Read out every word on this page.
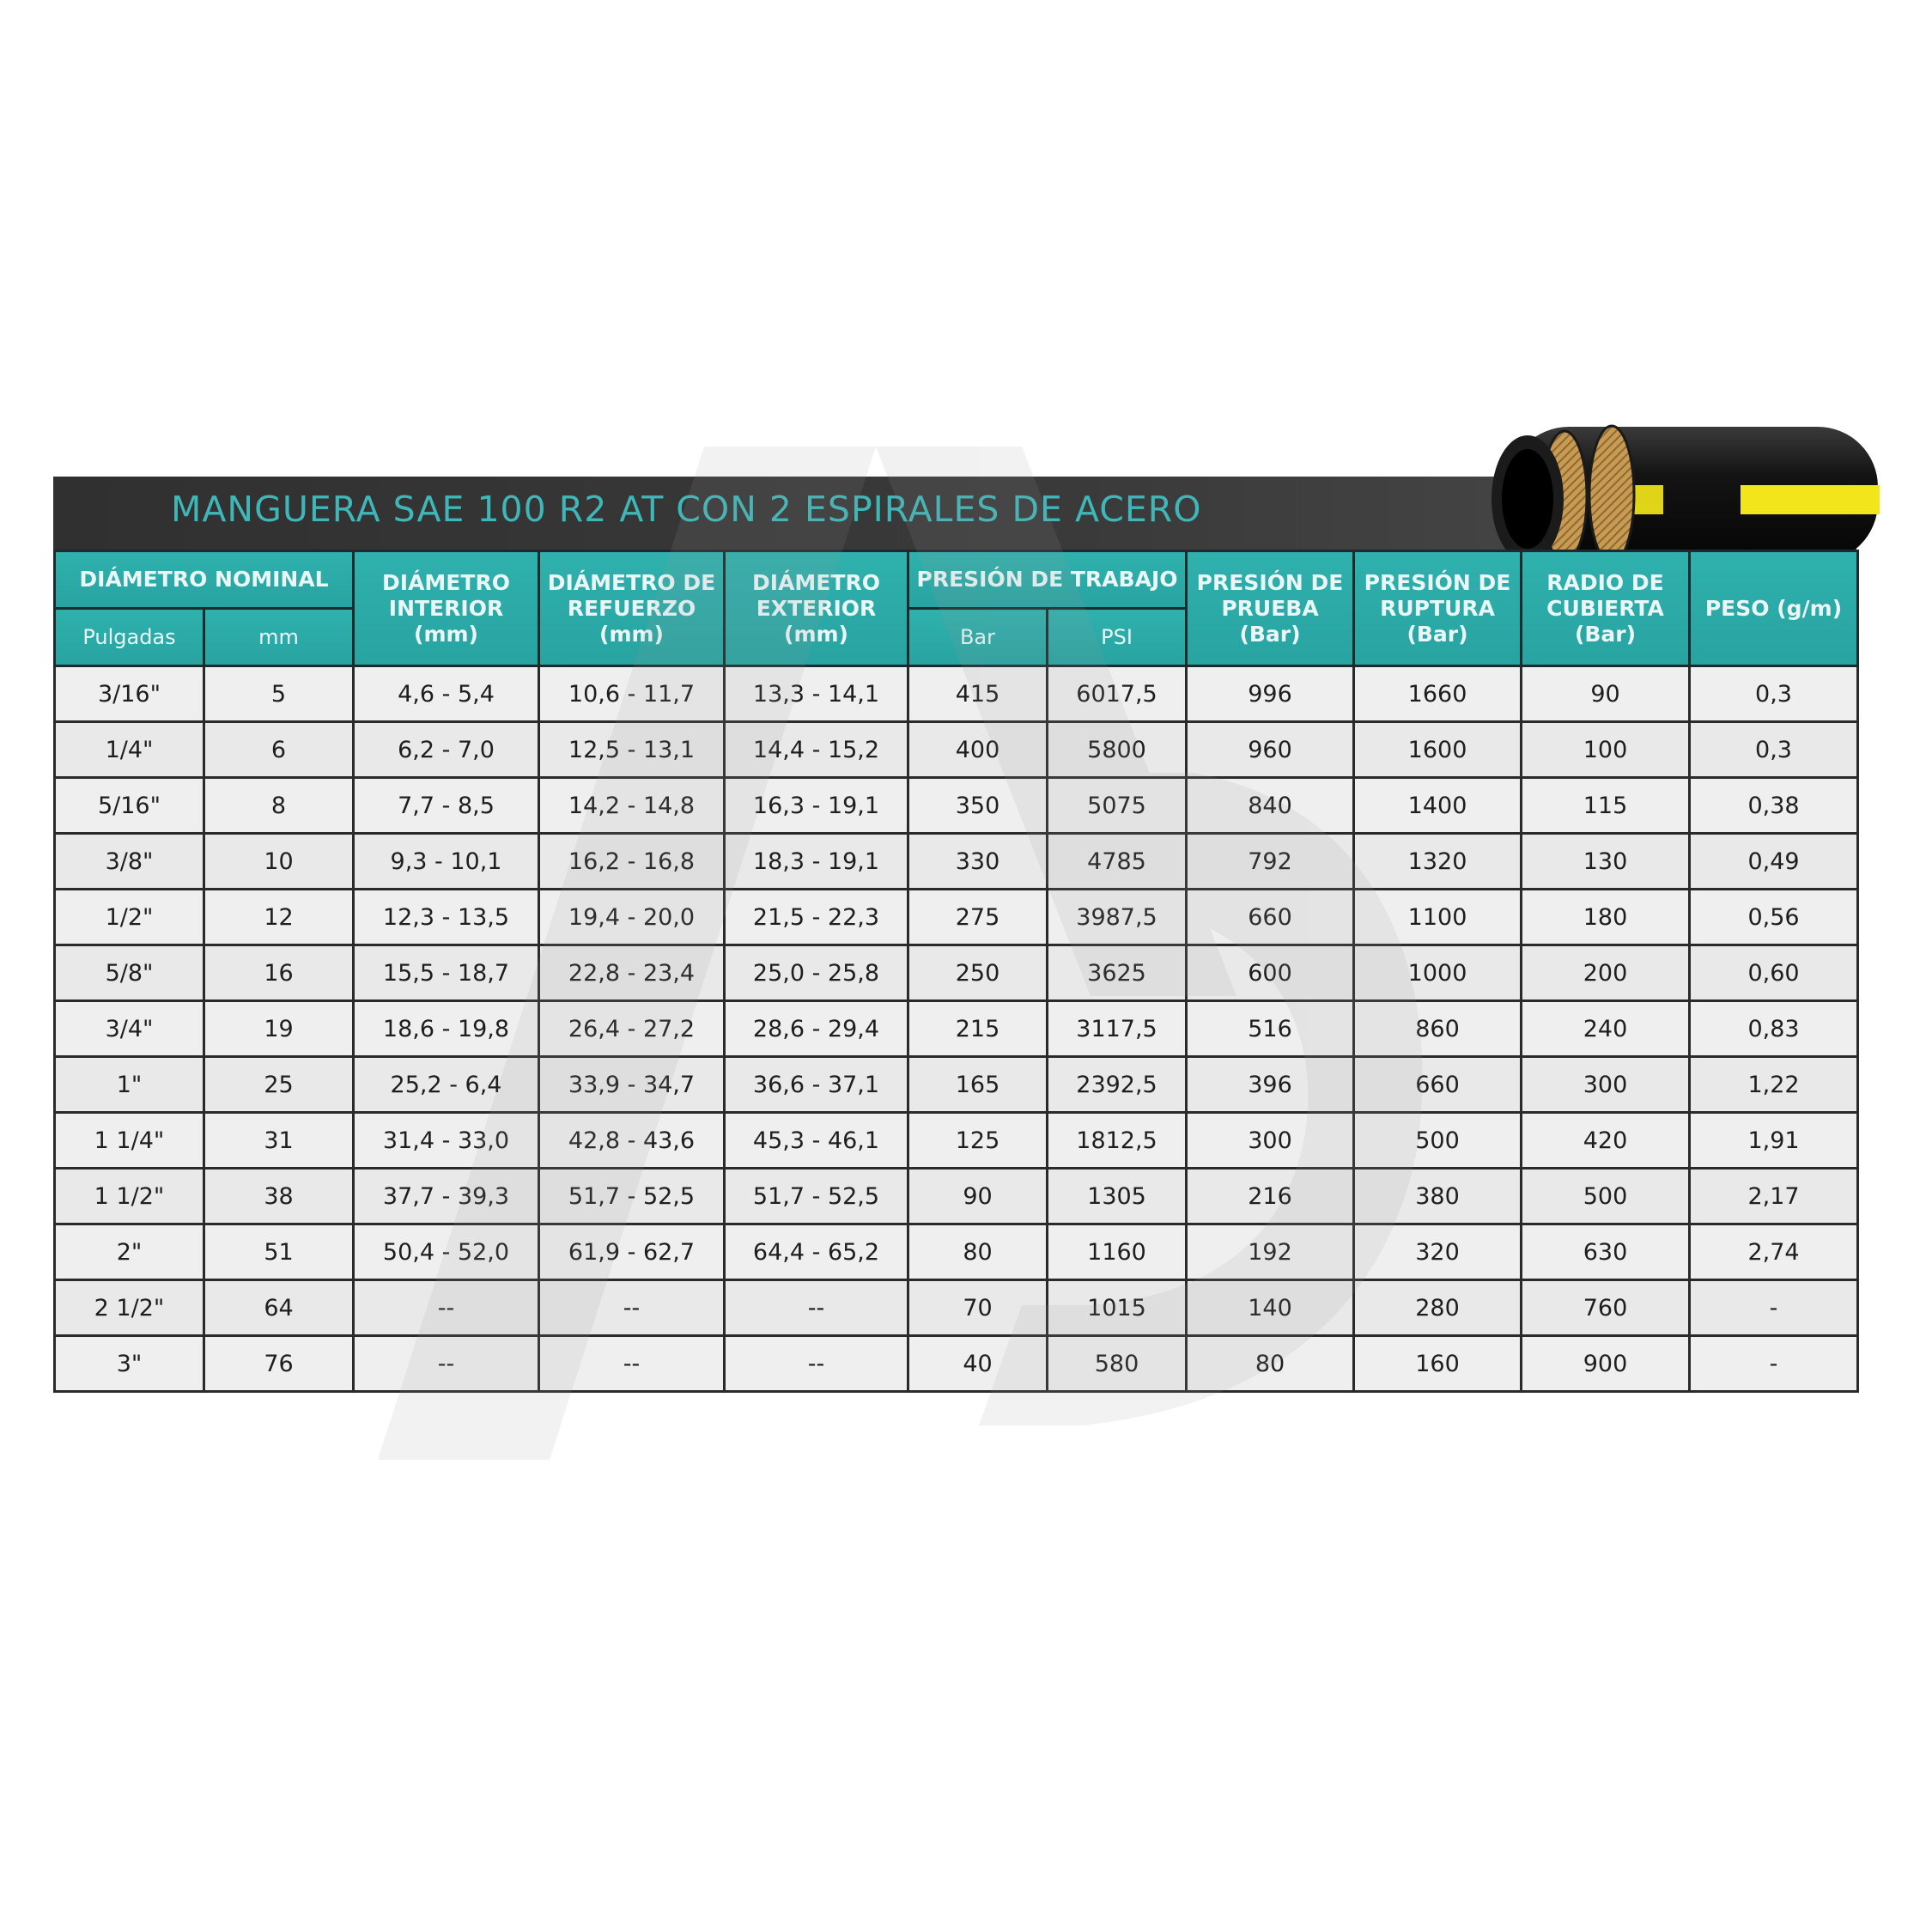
MANGUERA SAE 100 R2 AT CON 2 ESPIRALES DE ACERO
DIÁMETRO NOMINAL		DIÁMETRO INTERIOR (mm)	DIÁMETRO DE REFUERZO (mm)	DIÁMETRO EXTERIOR (mm)	PRESIÓN DE TRABAJO		PRESIÓN DE PRUEBA (Bar)	PRESIÓN DE RUPTURA (Bar)	RADIO DE CUBIERTA (Bar)	PESO (g/m)

Pulgadas	mm				Bar	PSI				
3/16"	5	4,6 - 5,4	10,6 - 11,7	13,3 - 14,1	415	6017,5	996	1660	90	0,3
1/4"	6	6,2 - 7,0	12,5 - 13,1	14,4 - 15,2	400	5800	960	1600	100	0,3
5/16"	8	7,7 - 8,5	14,2 - 14,8	16,3 - 19,1	350	5075	840	1400	115	0,38
3/8"	10	9,3 - 10,1	16,2 - 16,8	18,3 - 19,1	330	4785	792	1320	130	0,49
1/2"	12	12,3 - 13,5	19,4 - 20,0	21,5 - 22,3	275	3987,5	660	1100	180	0,56
5/8"	16	15,5 - 18,7	22,8 - 23,4	25,0 - 25,8	250	3625	600	1000	200	0,60
3/4"	19	18,6 - 19,8	26,4 - 27,2	28,6 - 29,4	215	3117,5	516	860	240	0,83
1"	25	25,2 - 6,4	33,9 - 34,7	36,6 - 37,1	165	2392,5	396	660	300	1,22
1 1/4"	31	31,4 - 33,0	42,8 - 43,6	45,3 - 46,1	125	1812,5	300	500	420	1,91
1 1/2"	38	37,7 - 39,3	51,7 - 52,5	51,7 - 52,5	90	1305	216	380	500	2,17
2"	51	50,4 - 52,0	61,9 - 62,7	64,4 - 65,2	80	1160	192	320	630	2,74
2 1/2"	64	--	--	--	70	1015	140	280	760	-
3"	76	--	--	--	40	580	80	160	900	-
